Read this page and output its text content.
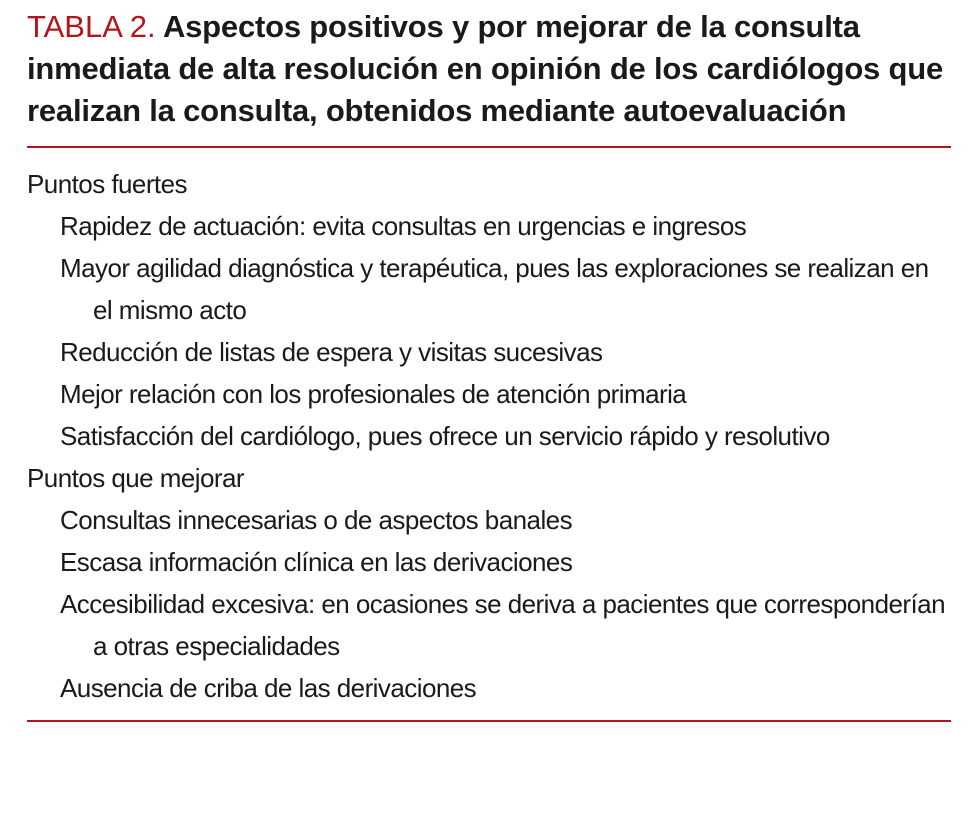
TABLA 2. Aspectos positivos y por mejorar de la consulta inmediata de alta resolución en opinión de los cardiólogos que realizan la consulta, obtenidos mediante autoevaluación

Puntos fuertes

Rapidez de actuación: evita consultas en urgencias e ingresos

Mayor agilidad diagnóstica y terapéutica, pues las exploraciones se realizan en el mismo acto

Reducción de listas de espera y visitas sucesivas

Mejor relación con los profesionales de atención primaria

Satisfacción del cardiólogo, pues ofrece un servicio rápido y resolutivo

Puntos que mejorar

Consultas innecesarias o de aspectos banales

Escasa información clínica en las derivaciones

Accesibilidad excesiva: en ocasiones se deriva a pacientes que corresponderían a otras especialidades

Ausencia de criba de las derivaciones
